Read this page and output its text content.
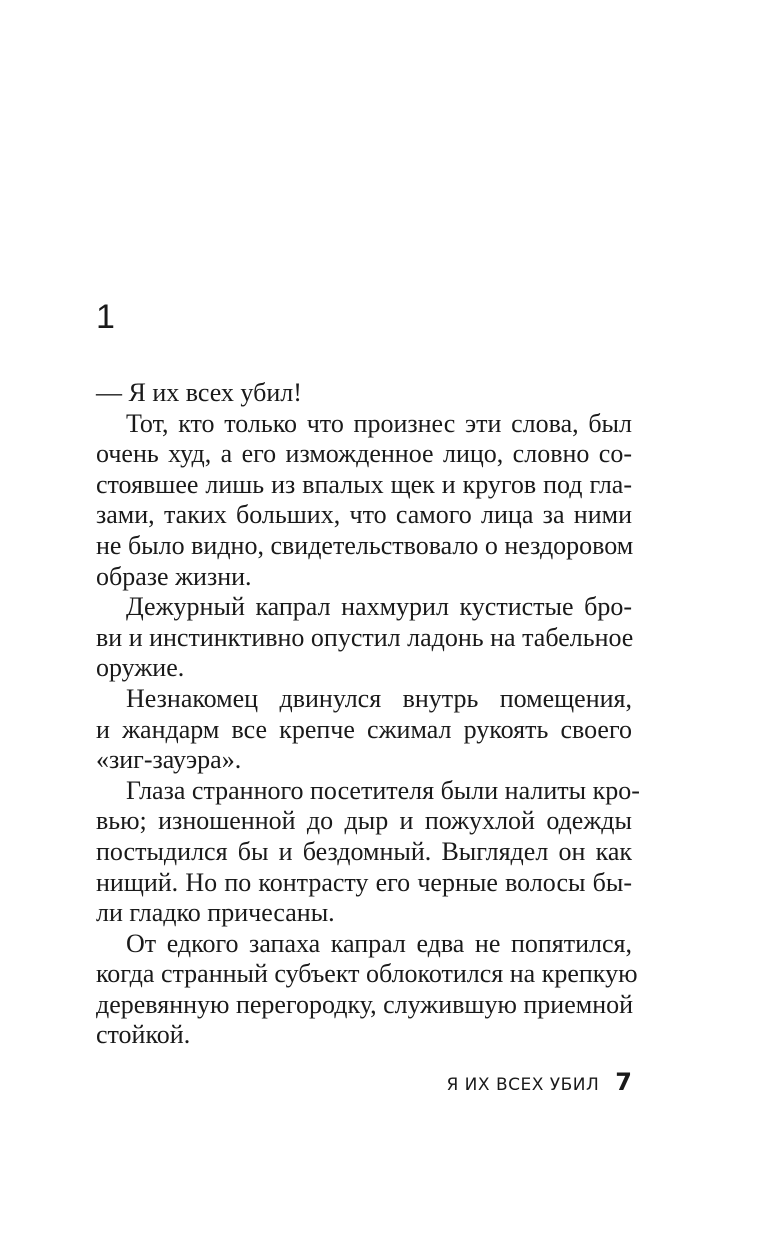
1
— Я их всех убил!
Тот, кто только что произнес эти слова, был
очень худ, а его изможденное лицо, словно со-
стоявшее лишь из впалых щек и кругов под гла-
зами, таких больших, что самого лица за ними
не было видно, свидетельствовало о нездоровом
образе жизни.
Дежурный капрал нахмурил кустистые бро-
ви и инстинктивно опустил ладонь на табельное
оружие.
Незнакомец двинулся внутрь помещения,
и жандарм все крепче сжимал рукоять своего
«зиг-зауэра».
Глаза странного посетителя были налиты кро-
вью; изношенной до дыр и пожухлой одежды
постыдился бы и бездомный. Выглядел он как
нищий. Но по контрасту его черные волосы бы-
ли гладко причесаны.
От едкого запаха капрал едва не попятился,
когда странный субъект облокотился на крепкую
деревянную перегородку, служившую приемной
стойкой.
Я ИХ ВСЕХ УБИЛ 7
